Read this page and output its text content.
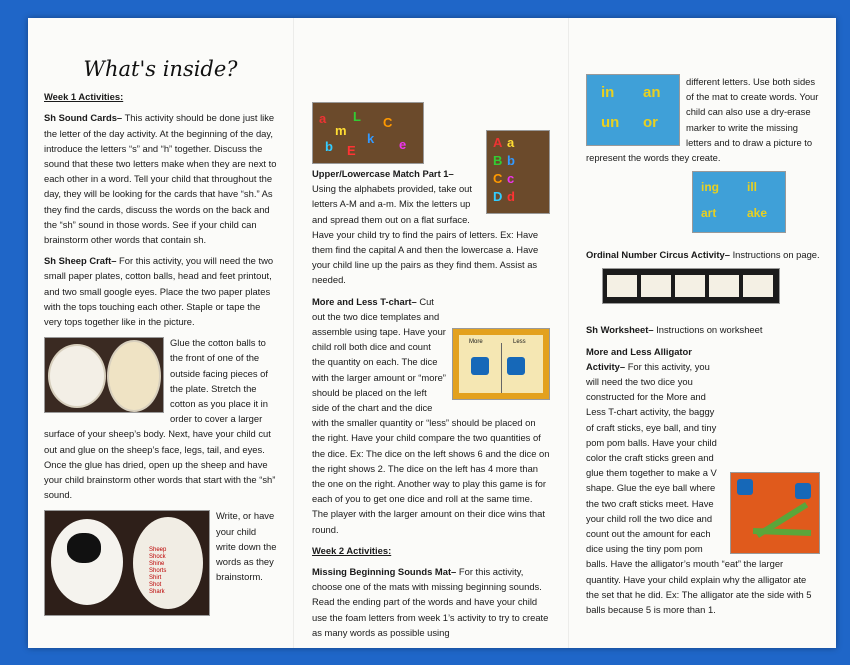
What's inside?

Week 1 Activities:

Sh Sound Cards– This activity should be done just like the letter of the day activity. At the beginning of the day, introduce the letters “s” and “h” together. Discuss the sound that these two letters make when they are next to each other in a word. Tell your child that throughout the day, they will be looking for the cards that have “sh.” As they find the cards, discuss the words on the back and the “sh” sound in those words. See if your child can brainstorm other words that contain sh.

Sh Sheep Craft– For this activity, you will need the two small paper plates, cotton balls, head and feet printout, and two small google eyes. Place the two paper plates with the tops touching each other. Staple or tape the very tops together like in the picture.

Glue the cotton balls to the front of one of the outside facing pieces of the plate. Stretch the cotton as you place it in order to cover a larger surface of your sheep’s body. Next, have your child cut out and glue on the sheep’s face, legs, tail, and eyes. Once the glue has dried, open up the sheep and have your child brainstorm other words that start with the “sh” sound.

Sheep
Shock
Shine
Shorts
Shirt
Shot
Shark

Write, or have your child write down the words as they brainstorm.

a
m
L
k
C
e
b E
A a
B b
C c
D d

Upper/Lowercase Match Part 1– Using the alphabets provided, take out letters A-M and a-m. Mix the letters up and spread them out on a flat surface. Have your child try to find the pairs of letters. Ex: Have them find the capital A and then the lowercase a. Have your child line up the pairs as they find them. Assist as needed.

More	Less

More and Less T-chart– Cut out the two dice templates and assemble using tape. Have your child roll both dice and count the quantity on each. The dice with the larger amount or “more” should be placed on the left side of the chart and the dice with the smaller quantity or “less” should be placed on the right. Have your child compare the two quantities of the dice. Ex: The dice on the left shows 6 and the dice on the right shows 2. The dice on the left has 4 more than the one on the right. Another way to play this game is for each of you to get one dice and roll at the same time. The player with the larger amount on their dice wins that round.

Week 2 Activities:

Missing Beginning Sounds Mat– For this activity, choose one of the mats with missing beginning sounds. Read the ending part of the words and have your child use the foam letters from week 1’s activity to try to create as many words as possible using

in an
un or
different letters. Use both sides of the mat to create words. Your child can also use a dry-erase marker to write the missing letters and to draw a picture to represent the words they create.

ing ill
art	ake

Ordinal Number Circus Activity– Instructions on page.

Sh Worksheet– Instructions on worksheet

More and Less Alligator Activity– For this activity, you will need the two dice you constructed for the More and Less T-chart activity, the baggy of craft sticks, eye ball, and tiny pom pom balls. Have your child color the craft sticks green and glue them together to make a V shape. Glue the eye ball where the two craft sticks meet. Have your child roll the two dice and count out the amount for each dice using the tiny pom pom balls. Have the alligator’s mouth “eat” the larger quantity. Have your child explain why the alligator ate the set that he did. Ex: The alligator ate the side with 5 balls because 5 is more than 1.
